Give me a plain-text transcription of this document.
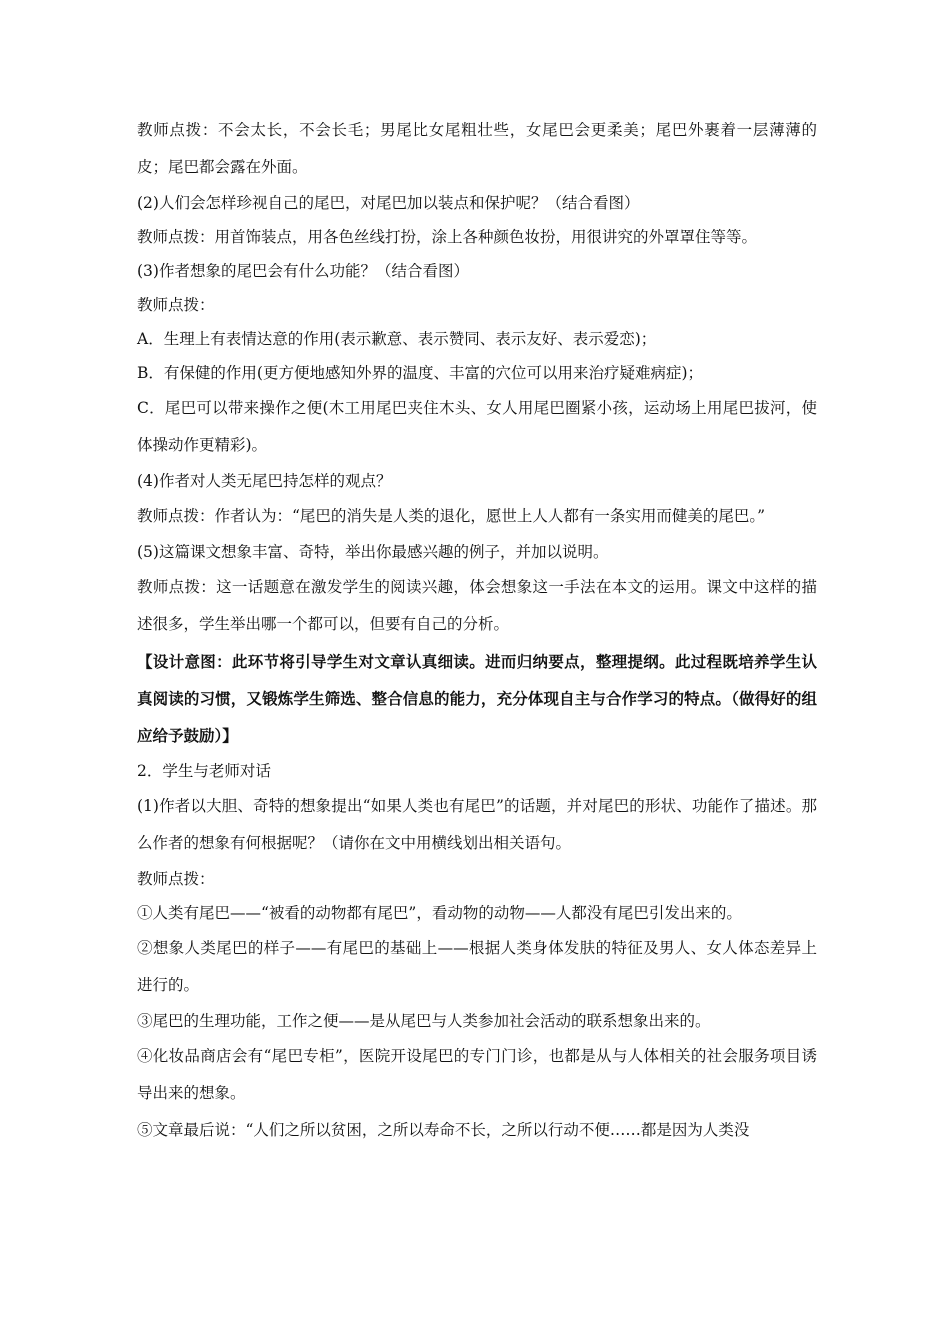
教师点拨：不会太长，不会长毛；男尾比女尾粗壮些，女尾巴会更柔美；尾巴外裹着一层薄薄的皮；尾巴都会露在外面。

(2)人们会怎样珍视自己的尾巴，对尾巴加以装点和保护呢？（结合看图）

教师点拨：用首饰装点，用各色丝线打扮，涂上各种颜色妆扮，用很讲究的外罩罩住等等。

(3)作者想象的尾巴会有什么功能？（结合看图）

教师点拨：

A．生理上有表情达意的作用(表示歉意、表示赞同、表示友好、表示爱恋)；

B．有保健的作用(更方便地感知外界的温度、丰富的穴位可以用来治疗疑难病症)；

C．尾巴可以带来操作之便(木工用尾巴夹住木头、女人用尾巴圈紧小孩，运动场上用尾巴拔河，使体操动作更精彩)。

(4)作者对人类无尾巴持怎样的观点？

教师点拨：作者认为：“尾巴的消失是人类的退化，愿世上人人都有一条实用而健美的尾巴。”

(5)这篇课文想象丰富、奇特，举出你最感兴趣的例子，并加以说明。

教师点拨：这一话题意在激发学生的阅读兴趣，体会想象这一手法在本文的运用。课文中这样的描述很多，学生举出哪一个都可以，但要有自己的分析。

【设计意图：此环节将引导学生对文章认真细读。进而归纳要点，整理提纲。此过程既培养学生认真阅读的习惯，又锻炼学生筛选、整合信息的能力，充分体现自主与合作学习的特点。（做得好的组应给予鼓励）】

2．学生与老师对话

(1)作者以大胆、奇特的想象提出“如果人类也有尾巴”的话题，并对尾巴的形状、功能作了描述。那么作者的想象有何根据呢？（请你在文中用横线划出相关语句。

教师点拨：

①人类有尾巴——“被看的动物都有尾巴”，看动物的动物——人都没有尾巴引发出来的。

②想象人类尾巴的样子——有尾巴的基础上——根据人类身体发肤的特征及男人、女人体态差异上进行的。

③尾巴的生理功能，工作之便——是从尾巴与人类参加社会活动的联系想象出来的。

④化妆品商店会有“尾巴专柜”，医院开设尾巴的专门门诊，也都是从与人体相关的社会服务项目诱导出来的想象。

⑤文章最后说：“人们之所以贫困，之所以寿命不长，之所以行动不便……都是因为人类没
